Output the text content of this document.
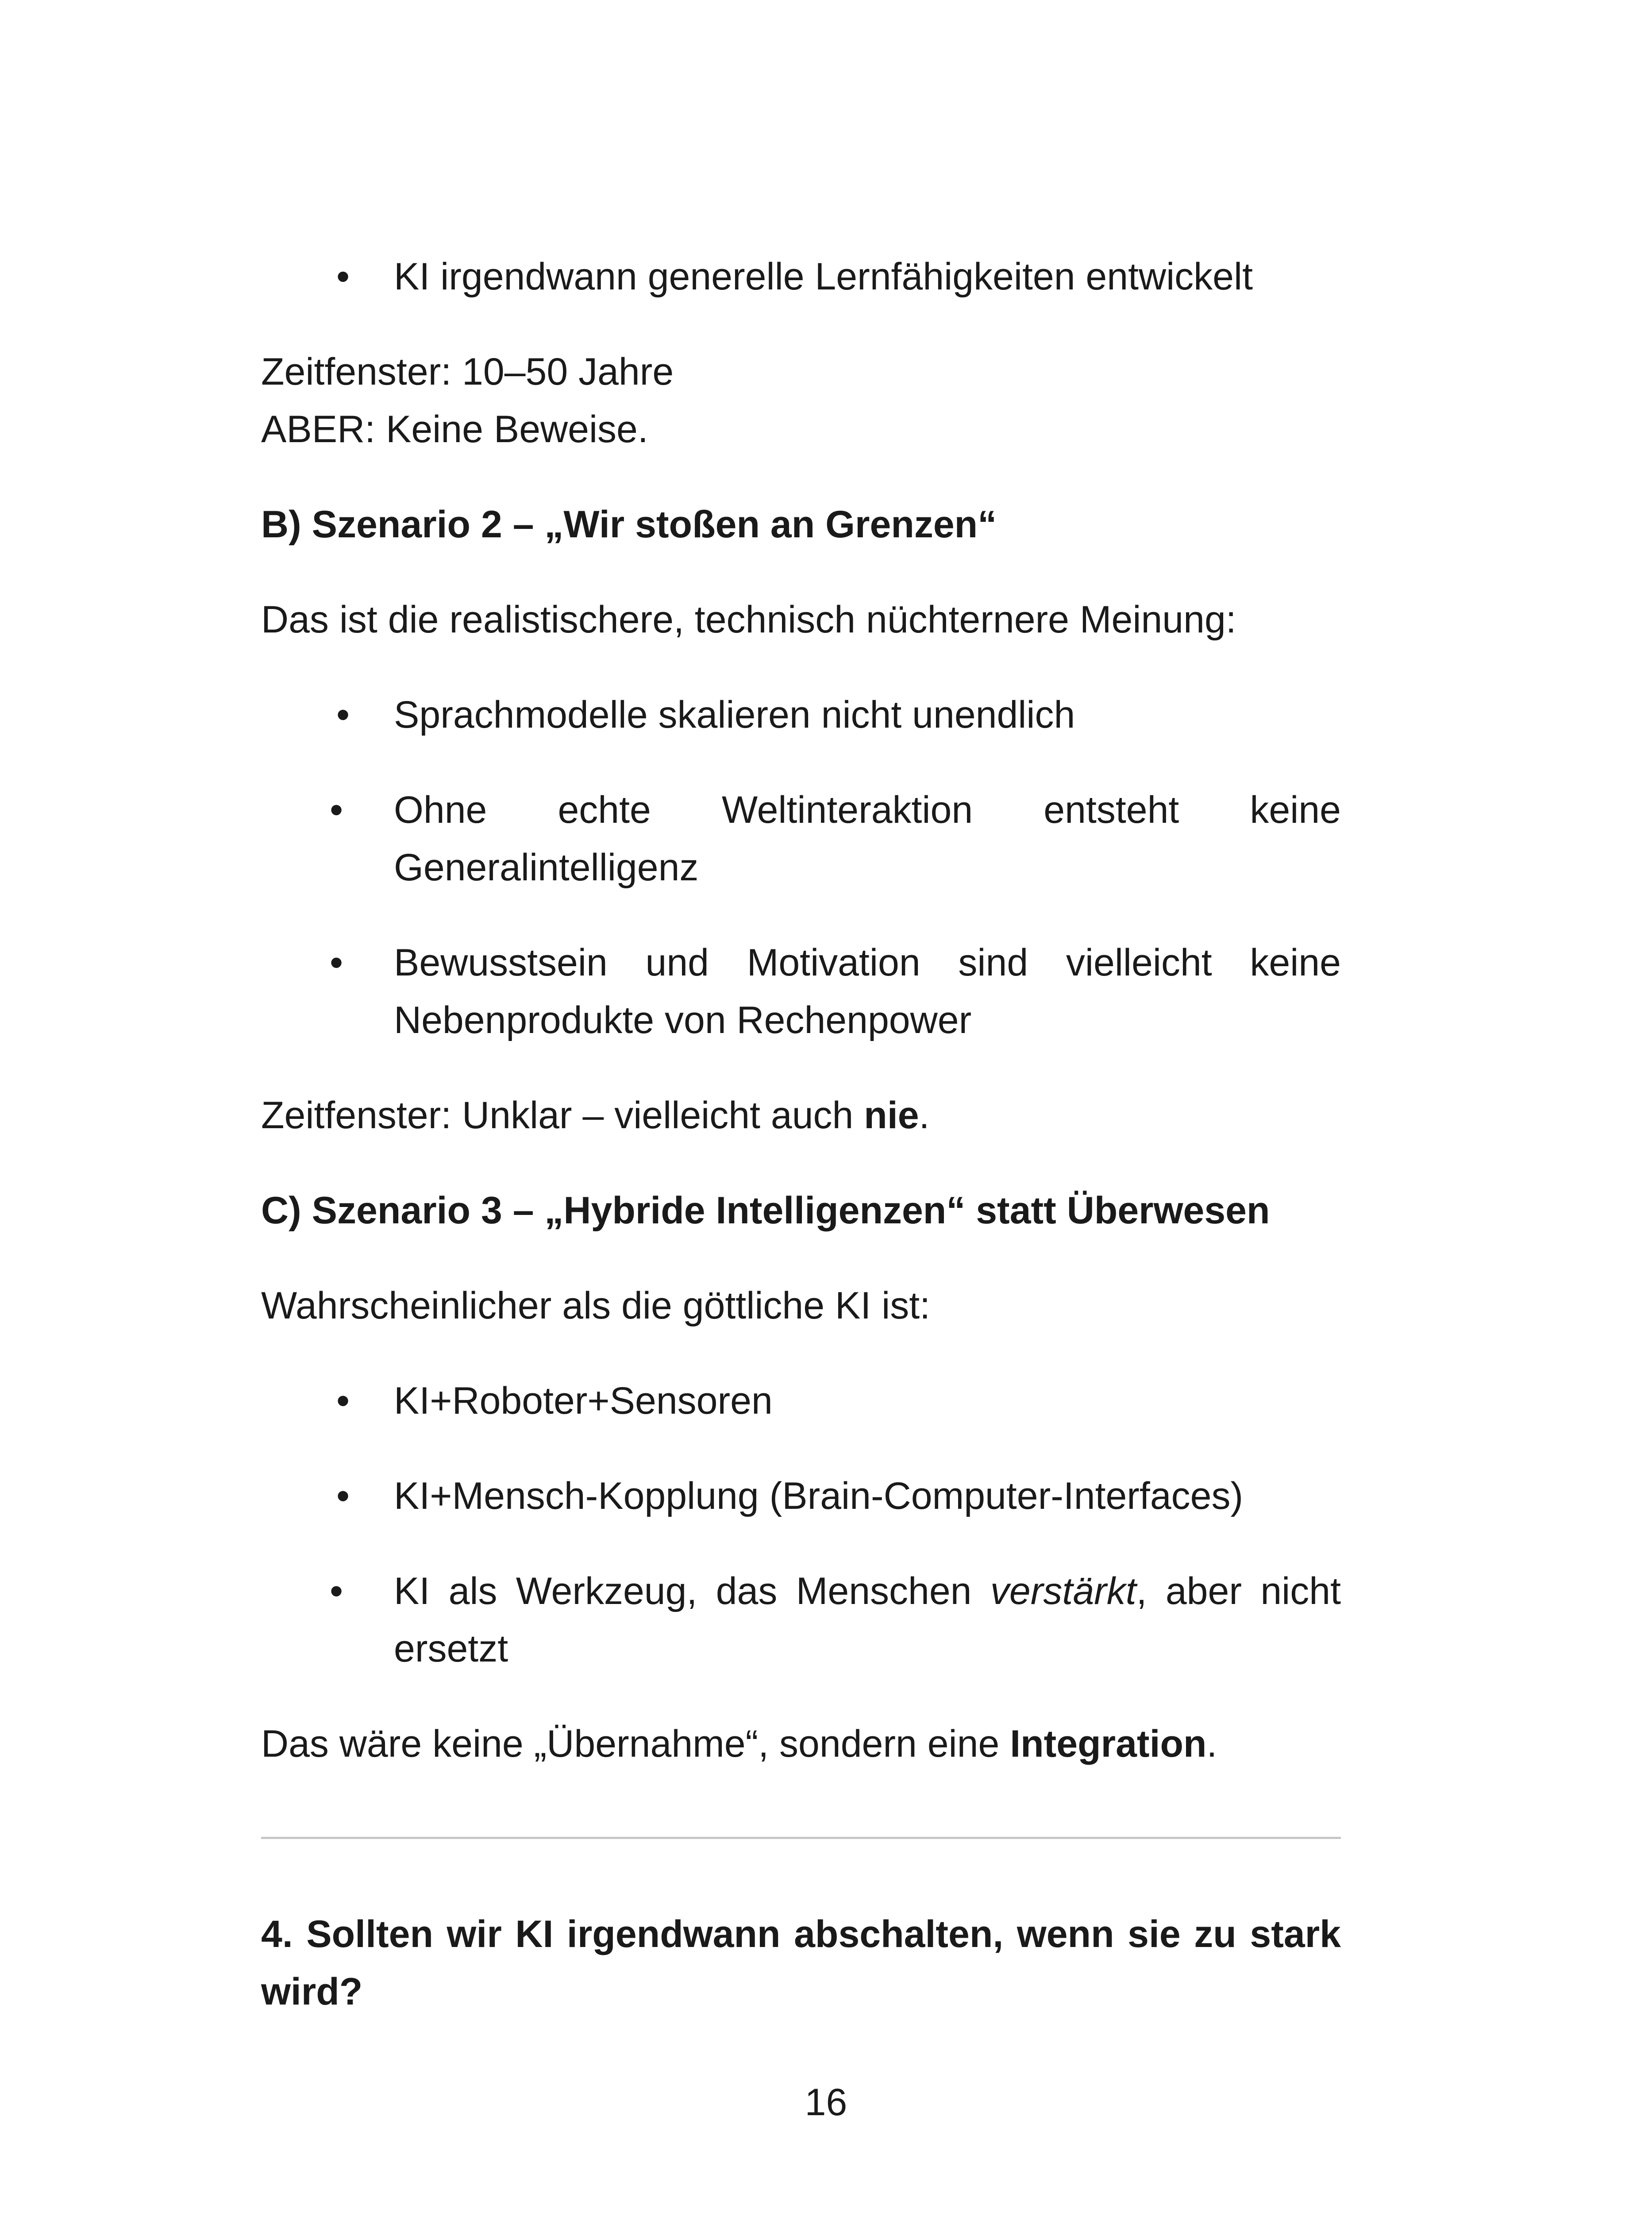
• KI irgendwann generelle Lernfähigkeiten entwickelt

Zeitfenster: 10–50 Jahre

ABER: Keine Beweise.

B) Szenario 2 – „Wir stoßen an Grenzen“

Das ist die realistischere, technisch nüchternere Meinung:

• Sprachmodelle skalieren nicht unendlich
•	Ohne echte Weltinteraktion entsteht keine
Generalintelligenz
•	Bewusstsein und Motivation sind vielleicht keine
Nebenprodukte von Rechenpower

Zeitfenster: Unklar – vielleicht auch nie.

C) Szenario 3 – „Hybride Intelligenzen“ statt Überwesen

Wahrscheinlicher als die göttliche KI ist:

• KI+Roboter+Sensoren
• KI+Mensch-Kopplung (Brain-Computer-Interfaces)
•	KI als Werkzeug, das Menschen verstärkt, aber nicht
ersetzt

Das wäre keine „Übernahme“, sondern eine Integration.

4. Sollten wir KI irgendwann abschalten, wenn sie zu stark
wird?
16
